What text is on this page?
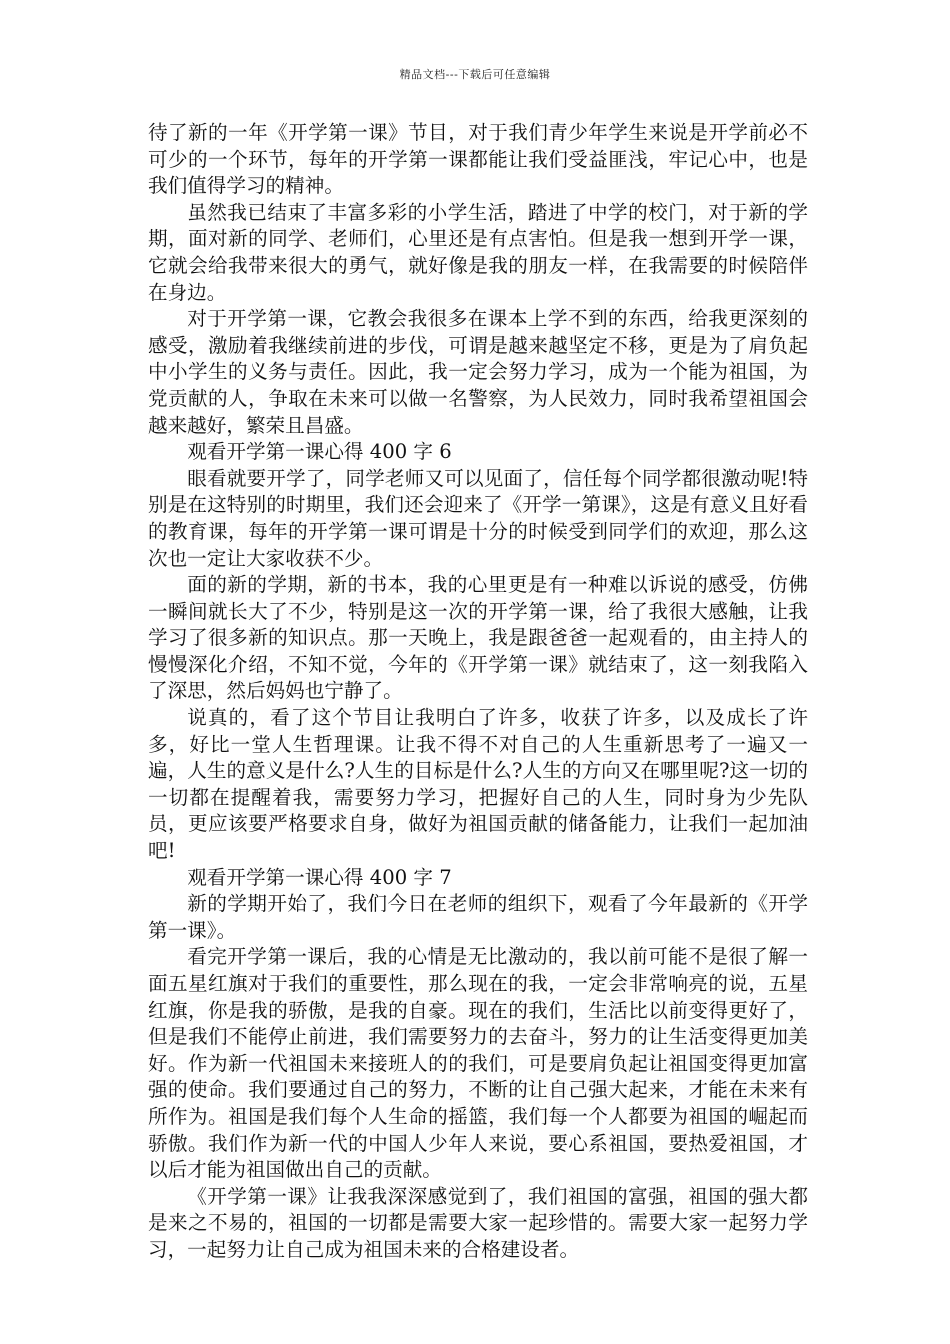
精品文档---下载后可任意编辑

待了新的一年《开学第一课》节目，对于我们青少年学生来说是开学前必不可少的一个环节，每年的开学第一课都能让我们受益匪浅，牢记心中，也是我们值得学习的精神。

虽然我已结束了丰富多彩的小学生活，踏进了中学的校门，对于新的学期，面对新的同学、老师们，心里还是有点害怕。但是我一想到开学一课，它就会给我带来很大的勇气，就好像是我的朋友一样，在我需要的时候陪伴在身边。

对于开学第一课，它教会我很多在课本上学不到的东西，给我更深刻的感受，激励着我继续前进的步伐，可谓是越来越坚定不移，更是为了肩负起中小学生的义务与责任。因此，我一定会努力学习，成为一个能为祖国，为党贡献的人，争取在未来可以做一名警察，为人民效力，同时我希望祖国会越来越好，繁荣且昌盛。

观看开学第一课心得 400 字 6

眼看就要开学了，同学老师又可以见面了，信任每个同学都很激动呢!特别是在这特别的时期里，我们还会迎来了《开学一第课》，这是有意义且好看的教育课，每年的开学第一课可谓是十分的时候受到同学们的欢迎，那么这次也一定让大家收获不少。

面的新的学期，新的书本，我的心里更是有一种难以诉说的感受，仿佛一瞬间就长大了不少，特别是这一次的开学第一课，给了我很大感触，让我学习了很多新的知识点。那一天晚上，我是跟爸爸一起观看的，由主持人的慢慢深化介绍，不知不觉，今年的《开学第一课》就结束了，这一刻我陷入了深思，然后妈妈也宁静了。

说真的，看了这个节目让我明白了许多，收获了许多，以及成长了许多，好比一堂人生哲理课。让我不得不对自己的人生重新思考了一遍又一遍，人生的意义是什么?人生的目标是什么?人生的方向又在哪里呢?这一切的一切都在提醒着我，需要努力学习，把握好自己的人生，同时身为少先队员，更应该要严格要求自身，做好为祖国贡献的储备能力，让我们一起加油吧!

观看开学第一课心得 400 字 7

新的学期开始了，我们今日在老师的组织下，观看了今年最新的《开学第一课》。

看完开学第一课后，我的心情是无比激动的，我以前可能不是很了解一面五星红旗对于我们的重要性，那么现在的我，一定会非常响亮的说，五星红旗，你是我的骄傲，是我的自豪。现在的我们，生活比以前变得更好了，但是我们不能停止前进，我们需要努力的去奋斗，努力的让生活变得更加美好。作为新一代祖国未来接班人的的我们，可是要肩负起让祖国变得更加富强的使命。我们要通过自己的努力，不断的让自己强大起来，才能在未来有所作为。祖国是我们每个人生命的摇篮，我们每一个人都要为祖国的崛起而骄傲。我们作为新一代的中国人少年人来说，要心系祖国，要热爱祖国，才以后才能为祖国做出自己的贡献。

《开学第一课》让我我深深感觉到了，我们祖国的富强，祖国的强大都是来之不易的，祖国的一切都是需要大家一起珍惜的。需要大家一起努力学习，一起努力让自己成为祖国未来的合格建设者。
